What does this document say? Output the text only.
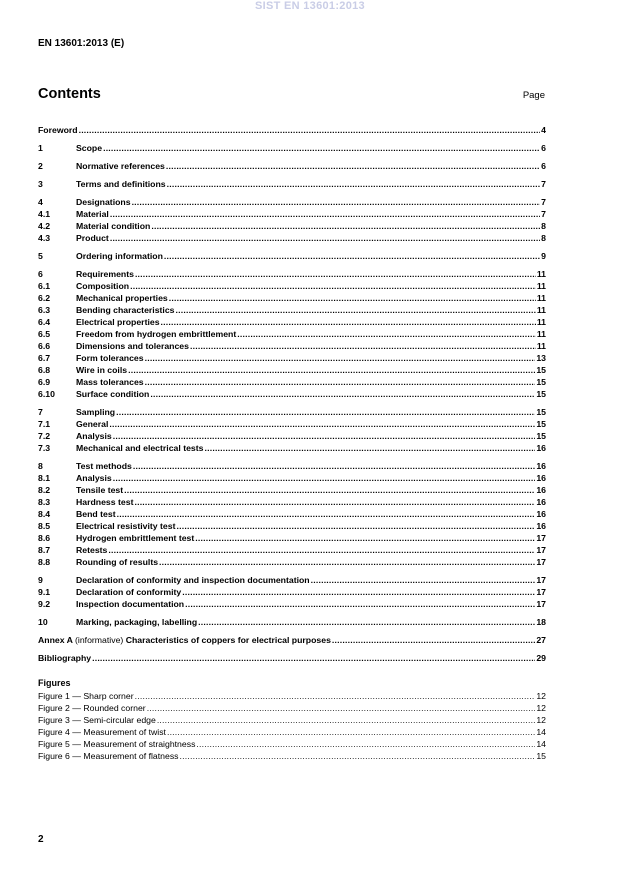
SIST EN 13601:2013
EN 13601:2013 (E)
Contents	Page
Foreword .....	4
1	Scope .....	6
2	Normative references .....	6
3	Terms and definitions .....	7
4	Designations .....	7
4.1	Material .....	7
4.2	Material condition .....	8
4.3	Product .....	8
5	Ordering information .....	9
6	Requirements .....	11
6.1	Composition .....	11
6.2	Mechanical properties .....	11
6.3	Bending characteristics .....	11
6.4	Electrical properties .....	11
6.5	Freedom from hydrogen embrittlement .....	11
6.6	Dimensions and tolerances .....	11
6.7	Form tolerances .....	13
6.8	Wire in coils .....	15
6.9	Mass tolerances .....	15
6.10	Surface condition .....	15
7	Sampling .....	15
7.1	General .....	15
7.2	Analysis .....	15
7.3	Mechanical and electrical tests .....	16
8	Test methods .....	16
8.1	Analysis .....	16
8.2	Tensile test .....	16
8.3	Hardness test .....	16
8.4	Bend test .....	16
8.5	Electrical resistivity test .....	16
8.6	Hydrogen embrittlement test .....	17
8.7	Retests .....	17
8.8	Rounding of results .....	17
9	Declaration of conformity and inspection documentation .....	17
9.1	Declaration of conformity .....	17
9.2	Inspection documentation .....	17
10	Marking, packaging, labelling .....	18
Annex A (informative) Characteristics of coppers for electrical purposes .....	27
Bibliography .....	29
Figures
Figure 1 — Sharp corner .....	12
Figure 2 — Rounded corner .....	12
Figure 3 — Semi-circular edge .....	12
Figure 4 — Measurement of twist .....	14
Figure 5 — Measurement of straightness .....	14
Figure 6 — Measurement of flatness .....	15
2
